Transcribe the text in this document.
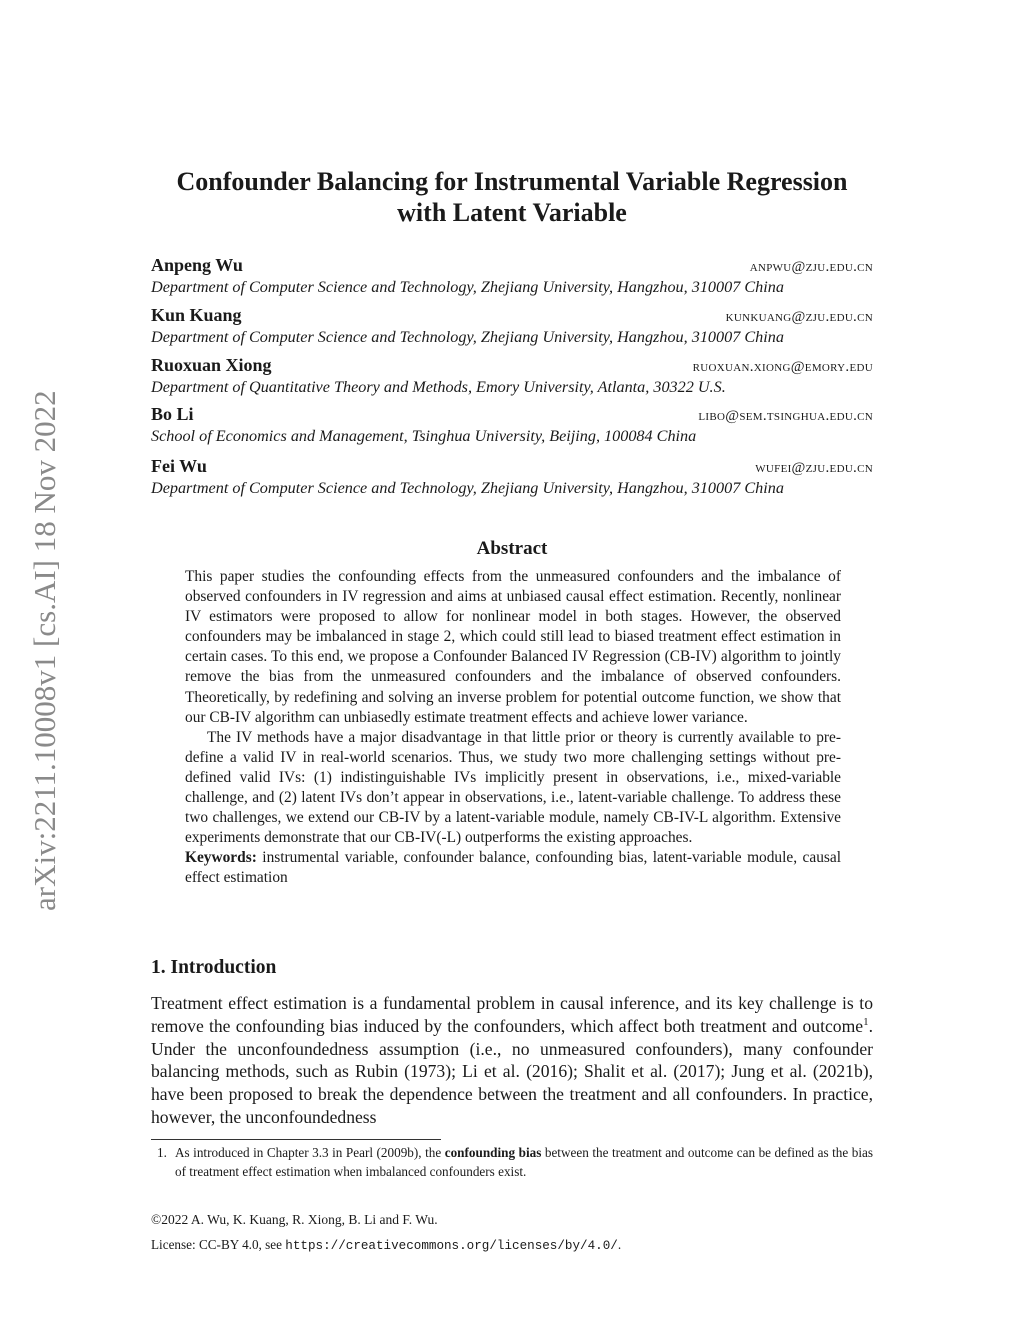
arXiv:2211.10008v1 [cs.AI] 18 Nov 2022
Confounder Balancing for Instrumental Variable Regression with Latent Variable
Anpeng Wu	anpwu@zju.edu.cn
Department of Computer Science and Technology, Zhejiang University, Hangzhou, 310007 China
Kun Kuang	kunkuang@zju.edu.cn
Department of Computer Science and Technology, Zhejiang University, Hangzhou, 310007 China
Ruoxuan Xiong	ruoxuan.xiong@emory.edu
Department of Quantitative Theory and Methods, Emory University, Atlanta, 30322 U.S.
Bo Li	libo@sem.tsinghua.edu.cn
School of Economics and Management, Tsinghua University, Beijing, 100084 China
Fei Wu	wufei@zju.edu.cn
Department of Computer Science and Technology, Zhejiang University, Hangzhou, 310007 China
Abstract

This paper studies the confounding effects from the unmeasured confounders and the imbalance of observed confounders in IV regression and aims at unbiased causal effect estimation. Recently, nonlinear IV estimators were proposed to allow for nonlinear model in both stages. However, the observed confounders may be imbalanced in stage 2, which could still lead to biased treatment effect estimation in certain cases. To this end, we propose a Confounder Balanced IV Regression (CB-IV) algorithm to jointly remove the bias from the unmeasured confounders and the imbalance of observed confounders. Theoretically, by redefining and solving an inverse problem for potential outcome function, we show that our CB-IV algorithm can unbiasedly estimate treatment effects and achieve lower variance.

The IV methods have a major disadvantage in that little prior or theory is currently available to pre-define a valid IV in real-world scenarios. Thus, we study two more challenging settings without pre-defined valid IVs: (1) indistinguishable IVs implicitly present in observations, i.e., mixed-variable challenge, and (2) latent IVs don’t appear in observations, i.e., latent-variable challenge. To address these two challenges, we extend our CB-IV by a latent-variable module, namely CB-IV-L algorithm. Extensive experiments demonstrate that our CB-IV(-L) outperforms the existing approaches.

Keywords: instrumental variable, confounder balance, confounding bias, latent-variable module, causal effect estimation

1. Introduction

Treatment effect estimation is a fundamental problem in causal inference, and its key challenge is to remove the confounding bias induced by the confounders, which affect both treatment and outcome$^1$. Under the unconfoundedness assumption (i.e., no unmeasured confounders), many confounder balancing methods, such as Rubin (1973); Li et al. (2016); Shalit et al. (2017); Jung et al. (2021b), have been proposed to break the dependence between the treatment and all confounders. In practice, however, the unconfoundedness

1. As introduced in Chapter 3.3 in Pearl (2009b), the confounding bias between the treatment and outcome can be defined as the bias of treatment effect estimation when imbalanced confounders exist.
©2022 A. Wu, K. Kuang, R. Xiong, B. Li and F. Wu.
License: CC-BY 4.0, see https://creativecommons.org/licenses/by/4.0/.
